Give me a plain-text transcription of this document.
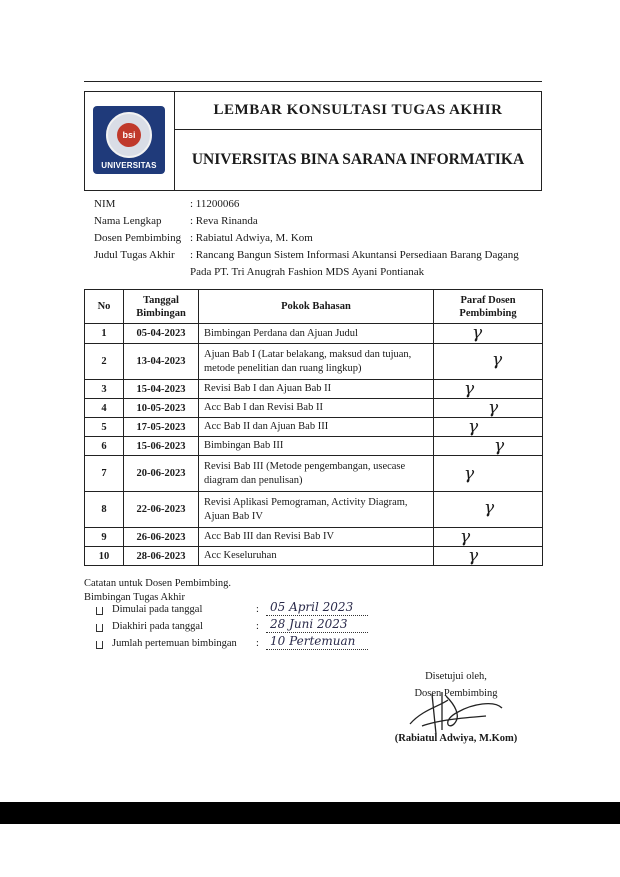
bsi
UNIVERSITAS
LEMBAR KONSULTASI TUGAS AKHIR
UNIVERSITAS BINA SARANA INFORMATIKA
NIM	: 11200066
Nama Lengkap	: Reva Rinanda
Dosen Pembimbing : Rabiatul Adwiya, M. Kom
Judul Tugas Akhir : Rancang Bangun Sistem Informasi Akuntansi Persediaan Barang Dagang
Pada PT. Tri Anugrah Fashion MDS Ayani Pontianak
No	Tanggal Bimbingan	Pokok Bahasan	Paraf Dosen Pembimbing
1	05-04-2023	Bimbingan Perdana dan Ajuan Judul	γ

2	13-04-2023	Ajuan Bab I (Latar belakang, maksud dan tujuan, metode penelitian dan ruang lingkup)	γ

3	15-04-2023	Revisi Bab I dan Ajuan Bab II	γ

4	10-05-2023	Acc Bab I dan Revisi Bab II	γ

5	17-05-2023	Acc Bab II dan Ajuan Bab III	γ

6	15-06-2023	Bimbingan Bab III	γ

7	20-06-2023	Revisi Bab III (Metode pengembangan, usecase diagram dan penulisan)	γ

8	22-06-2023	Revisi Aplikasi Pemograman, Activity Diagram, Ajuan Bab IV	γ

9	26-06-2023	Acc Bab III dan Revisi Bab IV	γ

10	28-06-2023	Acc Keseluruhan	γ
Catatan untuk Dosen Pembimbing.
Bimbingan Tugas Akhir
Dimulai pada tanggal	: 05 April 2023
Diakhiri pada tanggal	: 28 Juni 2023
Jumlah pertemuan bimbingan : 10 Pertemuan
Disetujui oleh,
Dosen Pembimbing
(Rabiatul Adwiya, M.Kom)
